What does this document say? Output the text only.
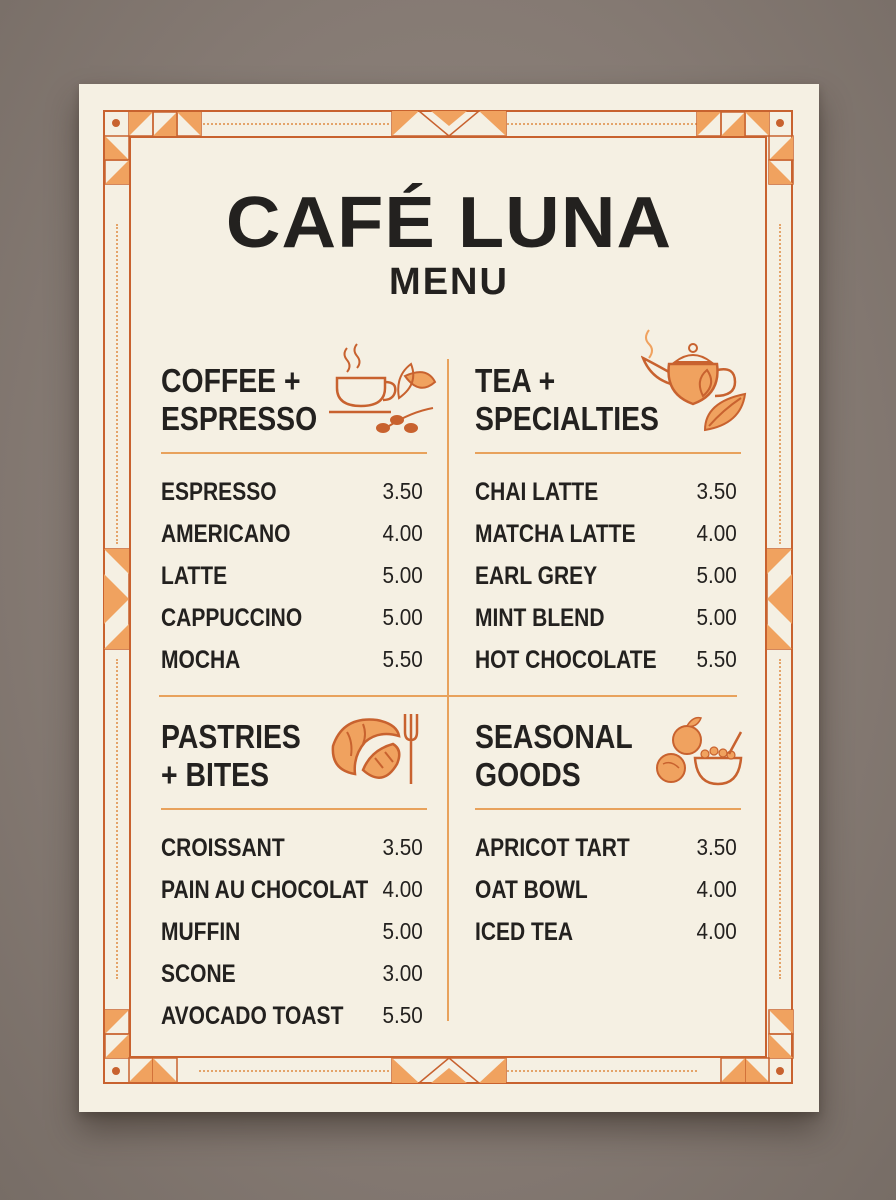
CAFÉ LUNA
MENU
COFFEE +
ESPRESSO
ESPRESSO	3.50
AMERICANO	4.00
LATTE	5.00
CAPPUCCINO	5.00
MOCHA	5.50
TEA +
SPECIALTIES
CHAI LATTE	3.50
MATCHA LATTE	4.00
EARL GREY	5.00
MINT BLEND	5.00
HOT CHOCOLATE 5.50
PASTRIES
+ BITES
CROISSANT	3.50
PAIN AU CHOCOLAT 4.00
MUFFIN	5.00
SCONE	3.00
AVOCADO TOAST 5.50
SEASONAL
GOODS
APRICOT TART	3.50
OAT BOWL	4.00
ICED TEA	4.00
